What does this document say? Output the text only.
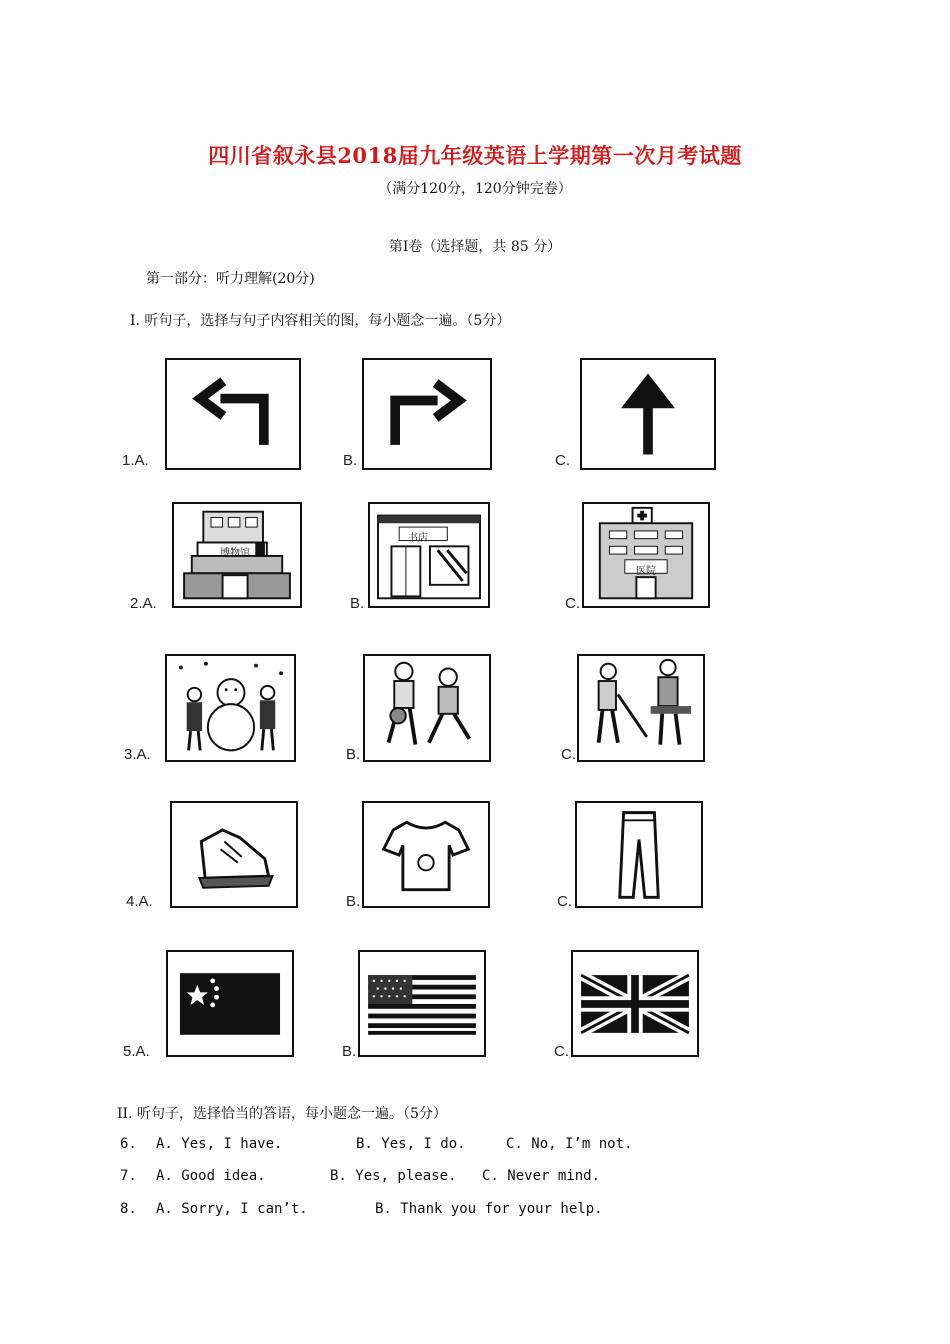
四川省叙永县2018届九年级英语上学期第一次月考试题
（满分120分，120分钟完卷）
第Ⅰ卷（选择题，共 85 分）
第一部分：听力理解(20分)
I. 听句子，选择与句子内容相关的图，每小题念一遍。（5分）
1.A.	B.	C.
2.A.
博物馆
B.
书店
C.
医院
3.A.	B.	C.
4.A.	B.	C.
5.A.	B.	C.
II. 听句子，选择恰当的答语，每小题念一遍。（5分）
6. A. Yes, I have.	B. Yes, I do.	C. No, I’m not.
7. A. Good idea.	B. Yes, please. C. Never mind.
8. A. Sorry, I can’t.	B. Thank you for your help.
